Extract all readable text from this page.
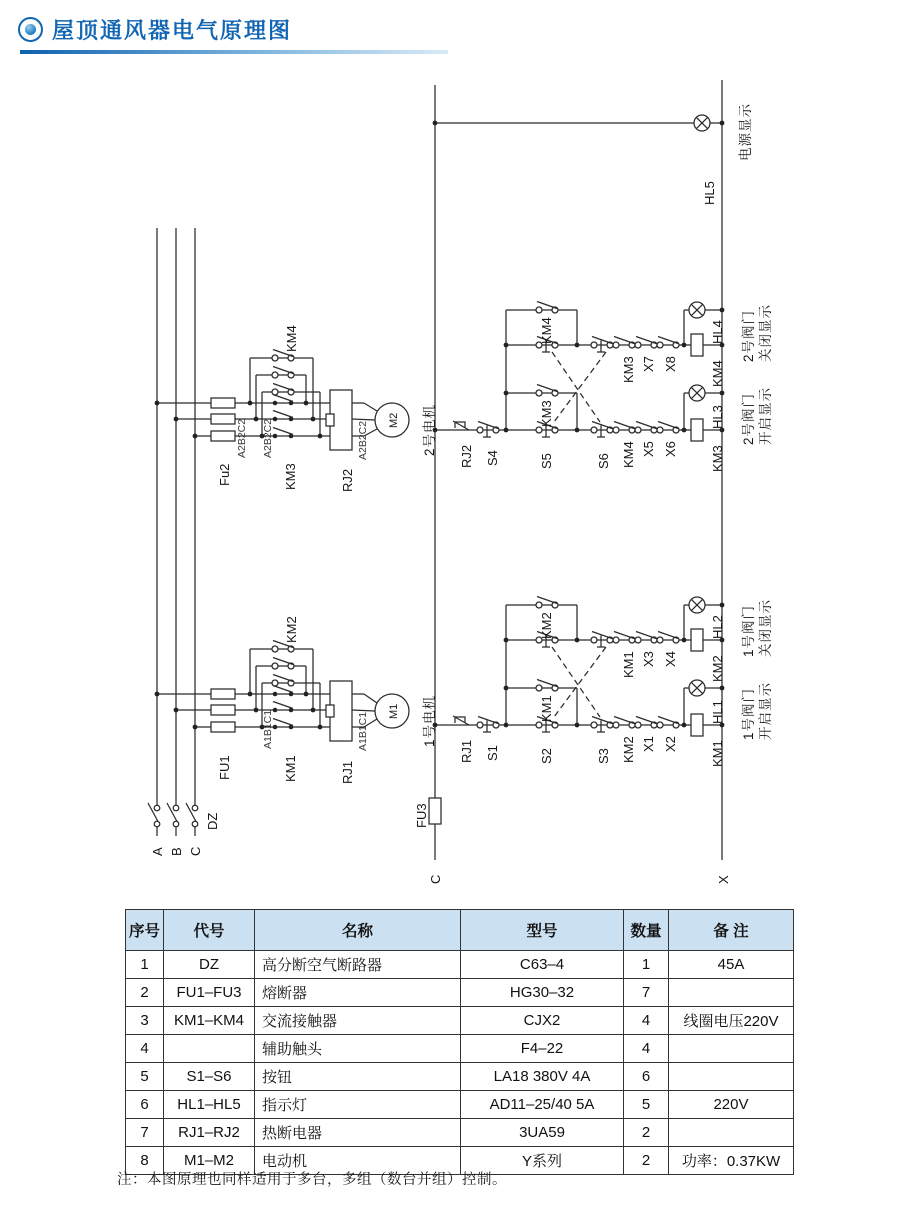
屋顶通风器电气原理图
HL5
电源显示
C	X
FU3
A B C
DZ
Fu2	KM3
KM4
RJ2
A2B2C2 A2B2C2	A2B2C2
M2 2号电机
FU1	KM1
KM2
RJ1
A1B1C1	A1B1C1
M1 1号电机
RJ2 S4
KM4
KM3
S5	S6
KM3 X7 X8
KM4 X5 X6
HL4
KM4
HL3
KM3
2号阀门 关闭显示
2号阀门 开启显示
RJ1 S1
KM2
KM1
S2	S3
KM1 X3 X4
KM2 X1 X2
HL2
KM2
HL1
KM1
1号阀门 关闭显示
1号阀门 开启显示
序号	代号	名称	型号	数量	备 注
1	DZ	高分断空气断路器	C63–4	1	45A
2	FU1–FU3	熔断器	HG30–32	7	
3	KM1–KM4	交流接触器	CJX2	4	线圈电压220V
4		辅助触头	F4–22	4	
5	S1–S6	按钮	LA18 380V 4A	6	
6	HL1–HL5	指示灯	AD11–25/40 5A	5	220V
7	RJ1–RJ2	热断电器	3UA59	2	
8	M1–M2	电动机	Y系列	2	功率：0.37KW
注：本图原理也同样适用于多台，多组（数台并组）控制。
